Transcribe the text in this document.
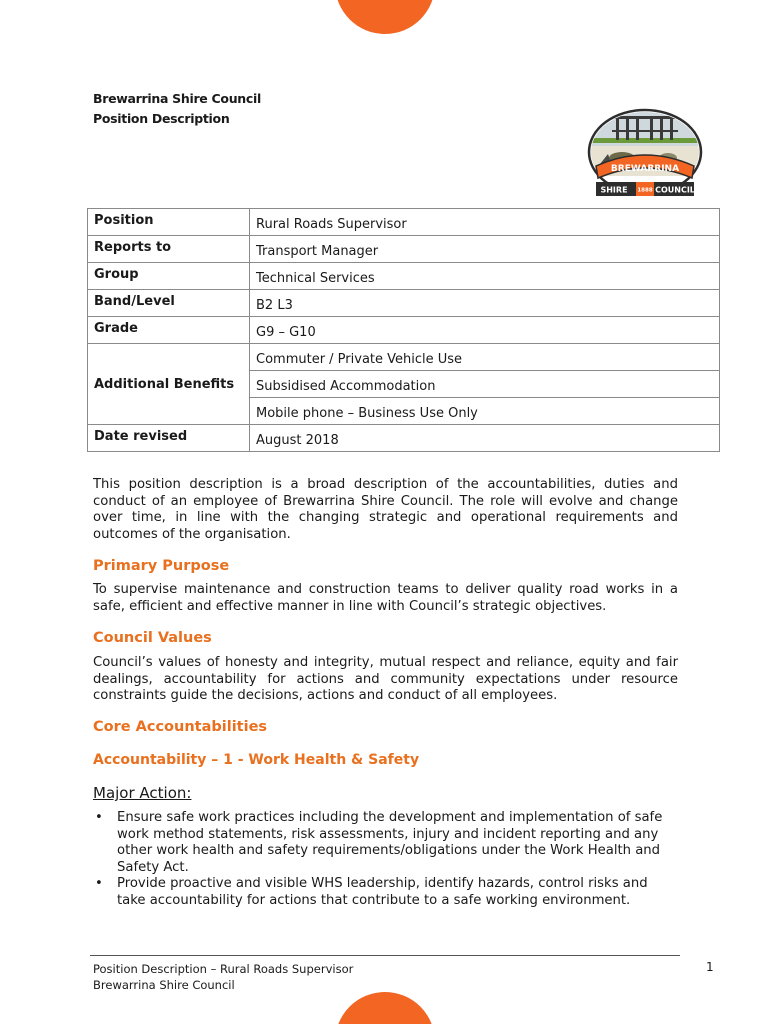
Brewarrina Shire Council
Position Description
BREWARRINA
SHIRE 1888 COUNCIL
Position	Rural Roads Supervisor
Reports to	Transport Manager
Group	Technical Services
Band/Level	B2 L3
Grade	G9 – G10
Additional Benefits	Commuter / Private Vehicle Use
	Subsidised Accommodation
	Mobile phone – Business Use Only
Date revised	August 2018
This position description is a broad description of the accountabilities, duties and conduct of an employee of Brewarrina Shire Council. The role will evolve and change over time, in line with the changing strategic and operational requirements and outcomes of the organisation.
Primary Purpose
To supervise maintenance and construction teams to deliver quality road works in a safe, efficient and effective manner in line with Council’s strategic objectives.
Council Values
Council’s values of honesty and integrity, mutual respect and reliance, equity and fair dealings, accountability for actions and community expectations under resource constraints guide the decisions, actions and conduct of all employees.
Core Accountabilities
Accountability – 1 - Work Health & Safety
Major Action:
• Ensure safe work practices including the development and implementation of safe work method statements, risk assessments, injury and incident reporting and any other work health and safety requirements/obligations under the Work Health and Safety Act.
• Provide proactive and visible WHS leadership, identify hazards, control risks and take accountability for actions that contribute to a safe working environment.
Position Description – Rural Roads Supervisor
Brewarrina Shire Council
1
